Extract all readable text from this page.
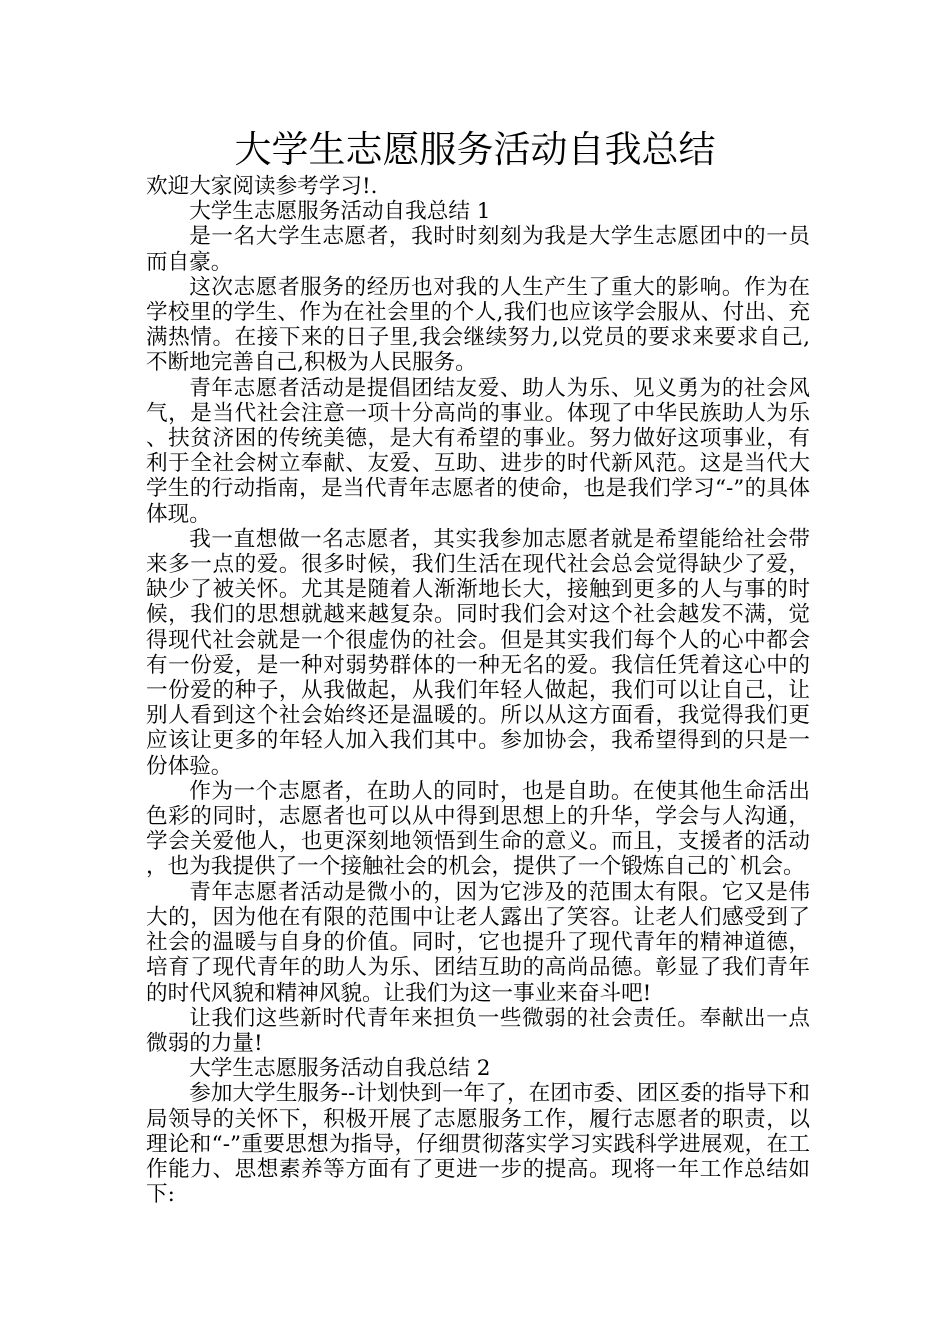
大学生志愿服务活动自我总结

欢迎大家阅读参考学习!.

大学生志愿服务活动自我总结 1

是一名大学生志愿者，我时时刻刻为我是大学生志愿团中的一员而自豪。

这次志愿者服务的经历也对我的人生产生了重大的影响。作为在学校里的学生、作为在社会里的个人,我们也应该学会服从、付出、充满热情。在接下来的日子里,我会继续努力,以党员的要求来要求自己,不断地完善自己,积极为人民服务。

青年志愿者活动是提倡团结友爱、助人为乐、见义勇为的社会风气，是当代社会注意一项十分高尚的事业。体现了中华民族助人为乐、扶贫济困的传统美德，是大有希望的事业。努力做好这项事业，有利于全社会树立奉献、友爱、互助、进步的时代新风范。这是当代大学生的行动指南，是当代青年志愿者的使命，也是我们学习“-”的具体体现。

我一直想做一名志愿者，其实我参加志愿者就是希望能给社会带来多一点的爱。很多时候，我们生活在现代社会总会觉得缺少了爱，缺少了被关怀。尤其是随着人渐渐地长大，接触到更多的人与事的时候，我们的思想就越来越复杂。同时我们会对这个社会越发不满，觉得现代社会就是一个很虚伪的社会。但是其实我们每个人的心中都会有一份爱，是一种对弱势群体的一种无名的爱。我信任凭着这心中的一份爱的种子，从我做起，从我们年轻人做起，我们可以让自己，让别人看到这个社会始终还是温暖的。所以从这方面看，我觉得我们更应该让更多的年轻人加入我们其中。参加协会，我希望得到的只是一份体验。

作为一个志愿者，在助人的同时，也是自助。在使其他生命活出色彩的同时，志愿者也可以从中得到思想上的升华，学会与人沟通，学会关爱他人，也更深刻地领悟到生命的意义。而且，支援者的活动，也为我提供了一个接触社会的机会，提供了一个锻炼自己的`机会。

青年志愿者活动是微小的，因为它涉及的范围太有限。它又是伟大的，因为他在有限的范围中让老人露出了笑容。让老人们感受到了社会的温暖与自身的价值。同时，它也提升了现代青年的精神道德，培育了现代青年的助人为乐、团结互助的高尚品德。彰显了我们青年的时代风貌和精神风貌。让我们为这一事业来奋斗吧!

让我们这些新时代青年来担负一些微弱的社会责任。奉献出一点微弱的力量!

大学生志愿服务活动自我总结 2

参加大学生服务--计划快到一年了，在团市委、团区委的指导下和局领导的关怀下，积极开展了志愿服务工作，履行志愿者的职责，以理论和“-”重要思想为指导，仔细贯彻落实学习实践科学进展观，在工作能力、思想素养等方面有了更进一步的提高。现将一年工作总结如下:
